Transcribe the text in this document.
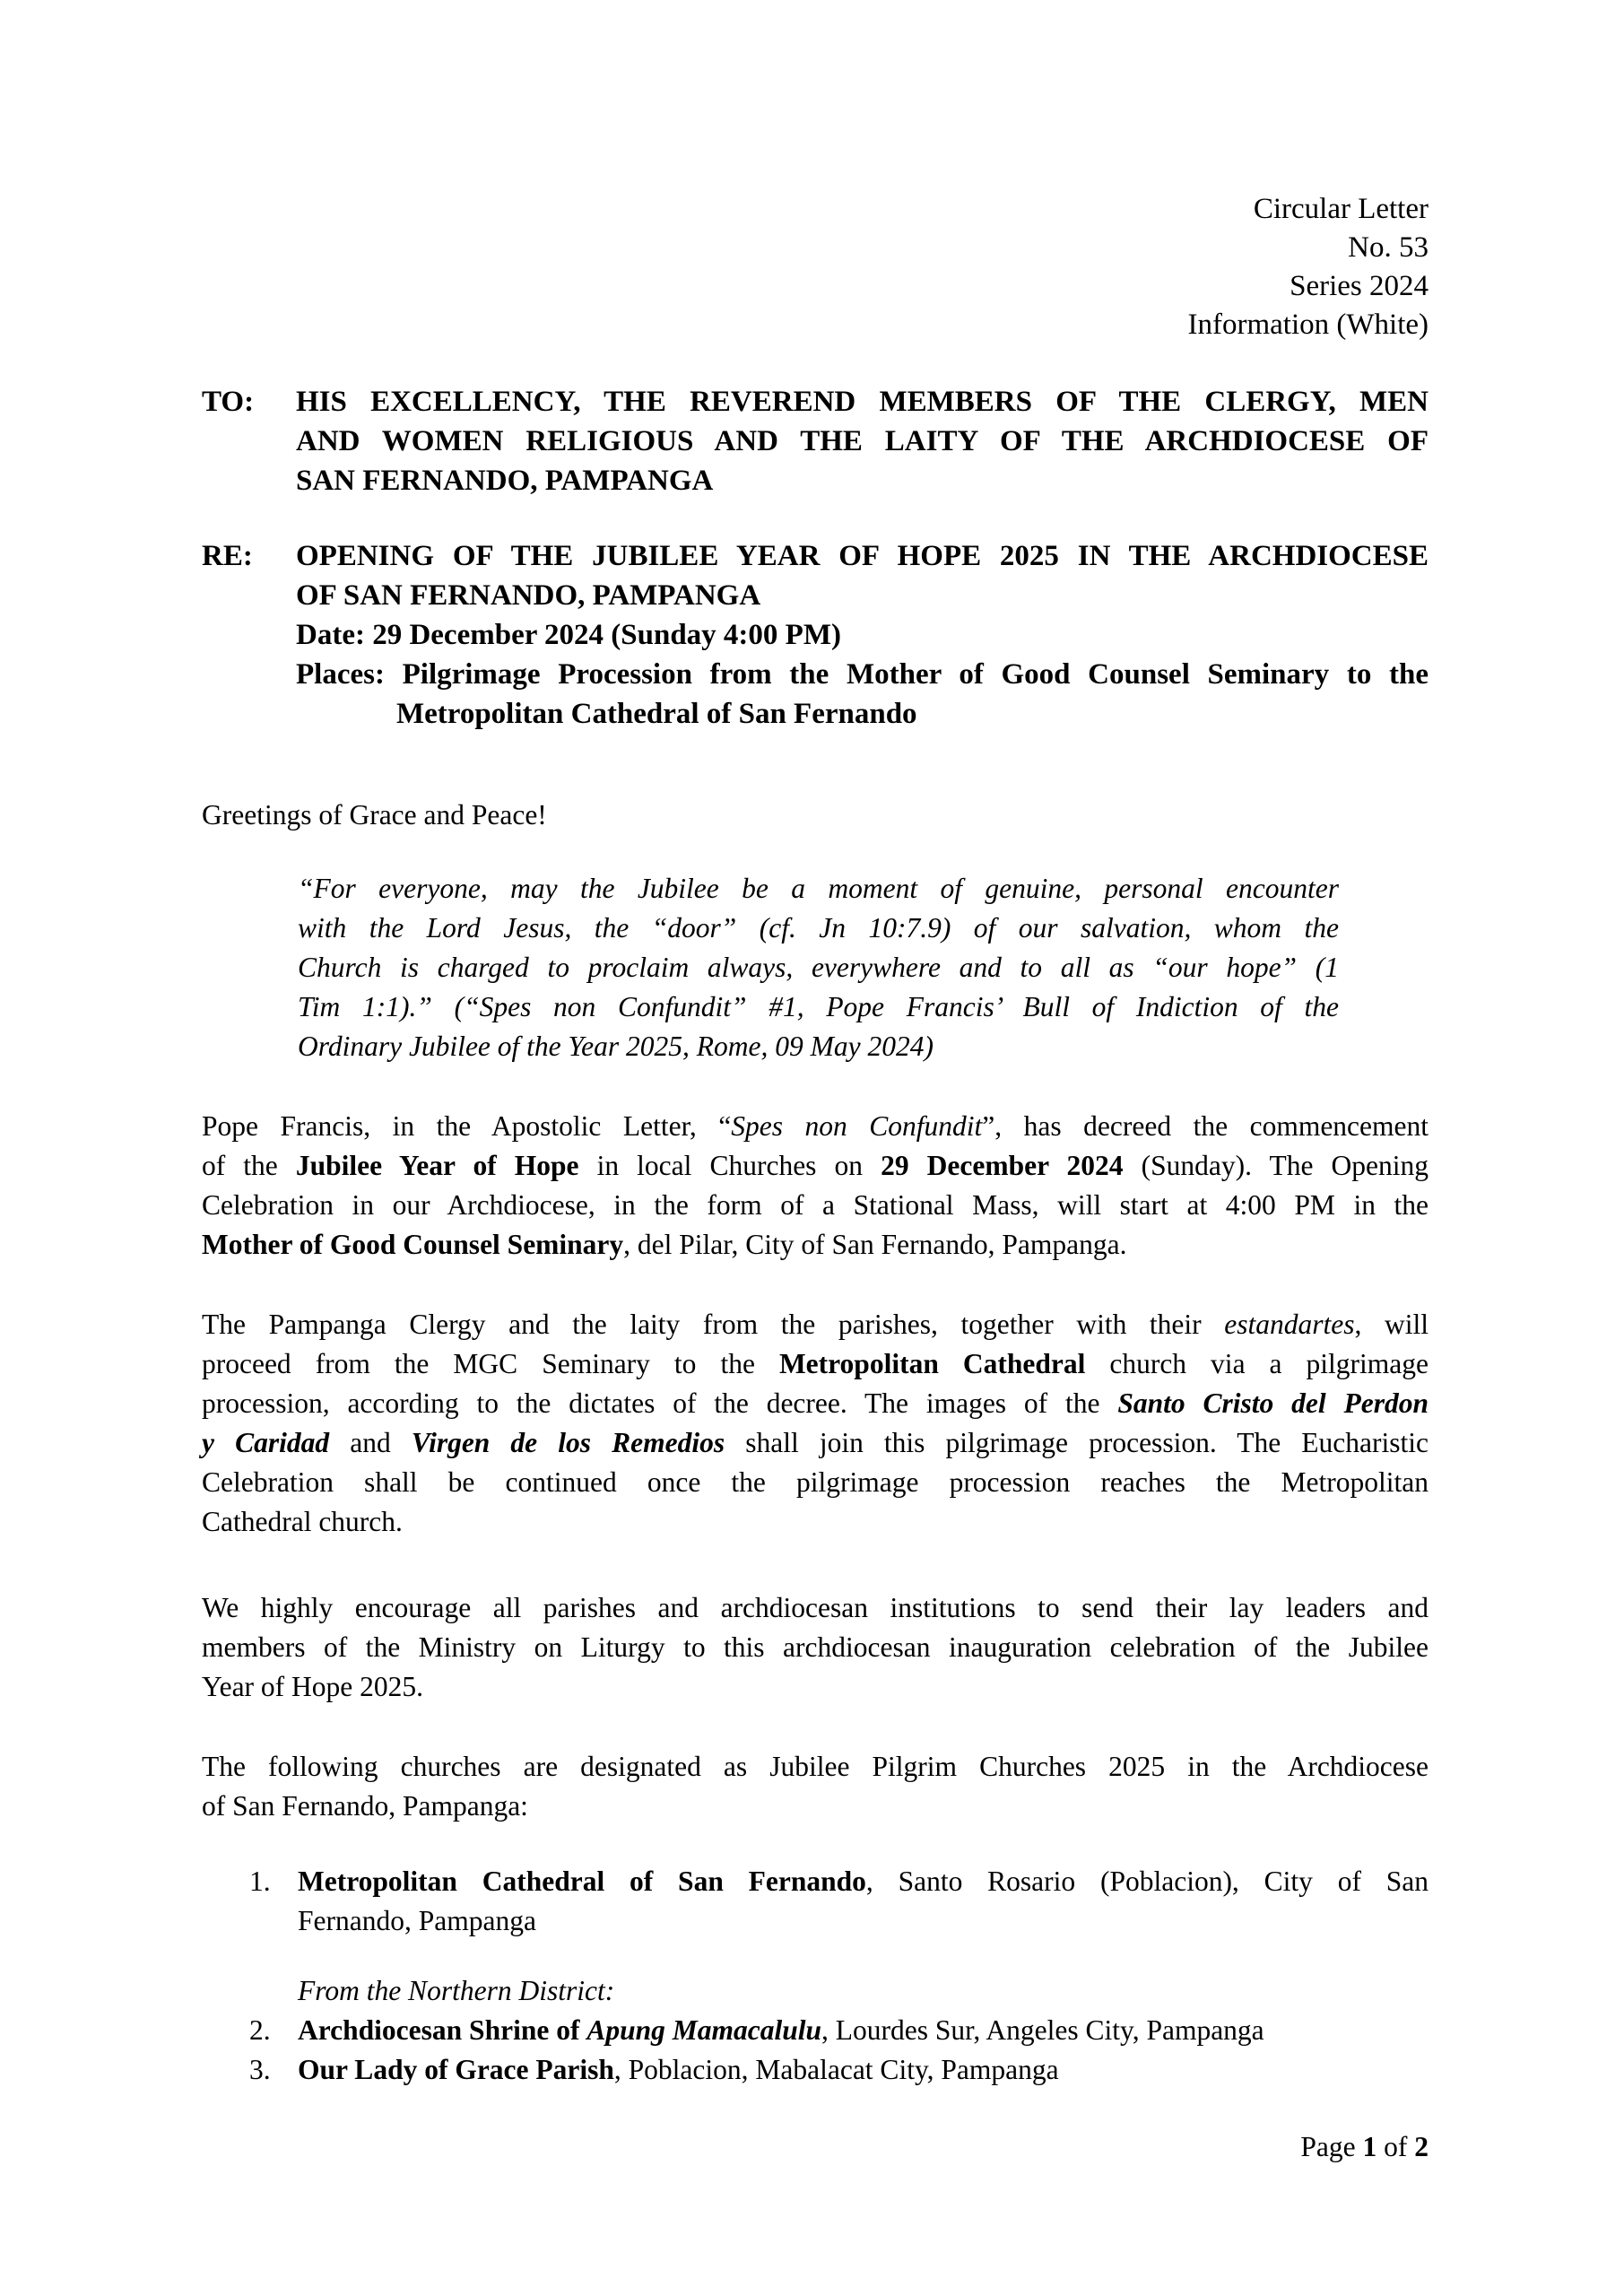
Circular Letter
No. 53
Series 2024
Information (White)
TO: HIS EXCELLENCY, THE REVEREND MEMBERS OF THE CLERGY, MEN
AND WOMEN RELIGIOUS AND THE LAITY OF THE ARCHDIOCESE OF
SAN FERNANDO, PAMPANGA
RE: OPENING OF THE JUBILEE YEAR OF HOPE 2025 IN THE ARCHDIOCESE
OF SAN FERNANDO, PAMPANGA
Date: 29 December 2024 (Sunday 4:00 PM)
Places: Pilgrimage Procession from the Mother of Good Counsel Seminary to the
Metropolitan Cathedral of San Fernando
Greetings of Grace and Peace!
“For everyone, may the Jubilee be a moment of genuine, personal encounter
with the Lord Jesus, the “door” (cf. Jn 10:7.9) of our salvation, whom the
Church is charged to proclaim always, everywhere and to all as “our hope” (1
Tim 1:1).” (“Spes non Confundit” #1, Pope Francis’ Bull of Indiction of the
Ordinary Jubilee of the Year 2025, Rome, 09 May 2024)
Pope Francis, in the Apostolic Letter, “Spes non Confundit”, has decreed the commencement
of the Jubilee Year of Hope in local Churches on 29 December 2024 (Sunday). The Opening
Celebration in our Archdiocese, in the form of a Stational Mass, will start at 4:00 PM in the
Mother of Good Counsel Seminary, del Pilar, City of San Fernando, Pampanga.
The Pampanga Clergy and the laity from the parishes, together with their estandartes, will
proceed from the MGC Seminary to the Metropolitan Cathedral church via a pilgrimage
procession, according to the dictates of the decree. The images of the Santo Cristo del Perdon
y Caridad and Virgen de los Remedios shall join this pilgrimage procession. The Eucharistic
Celebration shall be continued once the pilgrimage procession reaches the Metropolitan
Cathedral church.
We highly encourage all parishes and archdiocesan institutions to send their lay leaders and
members of the Ministry on Liturgy to this archdiocesan inauguration celebration of the Jubilee
Year of Hope 2025.
The following churches are designated as Jubilee Pilgrim Churches 2025 in the Archdiocese
of San Fernando, Pampanga:
1. Metropolitan Cathedral of San Fernando, Santo Rosario (Poblacion), City of San
Fernando, Pampanga
From the Northern District:
2. Archdiocesan Shrine of Apung Mamacalulu, Lourdes Sur, Angeles City, Pampanga
3. Our Lady of Grace Parish, Poblacion, Mabalacat City, Pampanga
Page 1 of 2
